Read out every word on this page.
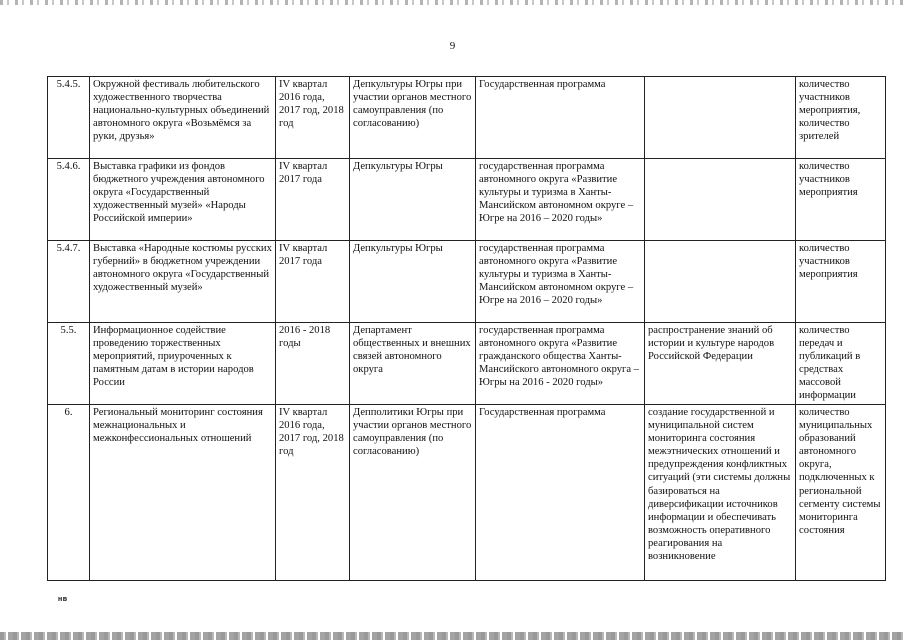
9
5.4.5.	Окружной фестиваль любительского художественного творчества национально-культурных объединений автономного округа «Возьмёмся за руки, друзья»	IV квартал 2016 года, 2017 год, 2018 год	Депкультуры Югры при участии органов местного самоуправления (по согласованию)	Государственная программа		количество участников мероприятия, количество зрителей
5.4.6.	Выставка графики из фондов бюджетного учреждения автономного округа «Государственный художественный музей» «Народы Российской империи»	IV квартал 2017 года	Депкультуры Югры	государственная программа автономного округа «Развитие культуры и туризма в Ханты-Мансийском автономном округе – Югре на 2016 – 2020 годы»		количество участников мероприятия
5.4.7.	Выставка «Народные костюмы русских губерний» в бюджетном учреждении автономного округа «Государственный художественный музей»	IV квартал 2017 года	Депкультуры Югры	государственная программа автономного округа «Развитие культуры и туризма в Ханты-Мансийском автономном округе – Югре на 2016 – 2020 годы»		количество участников мероприятия
5.5.	Информационное содействие проведению торжественных мероприятий, приуроченных к памятным датам в истории народов России	2016 - 2018 годы	Департамент общественных и внешних связей автономного округа	государственная программа автономного округа «Развитие гражданского общества Ханты-Мансийского автономного округа – Югры на 2016 - 2020 годы»	распространение знаний об истории и культуре народов Российской Федерации	количество передач и публикаций в средствах массовой информации
6.	Региональный мониторинг состояния межнациональных и межконфессиональных отношений	IV квартал 2016 года, 2017 год, 2018 год	Депполитики Югры при участии органов местного самоуправления (по согласованию)	Государственная программа	создание государственной и муниципальной систем мониторинга состояния межэтнических отношений и предупреждения конфликтных ситуаций (эти системы должны базироваться на диверсификации источников информации и обеспечивать возможность оперативного реагирования на возникновение	количество муниципальных образований автономного округа, подключенных к региональной сегменту системы мониторинга состояния
нв
